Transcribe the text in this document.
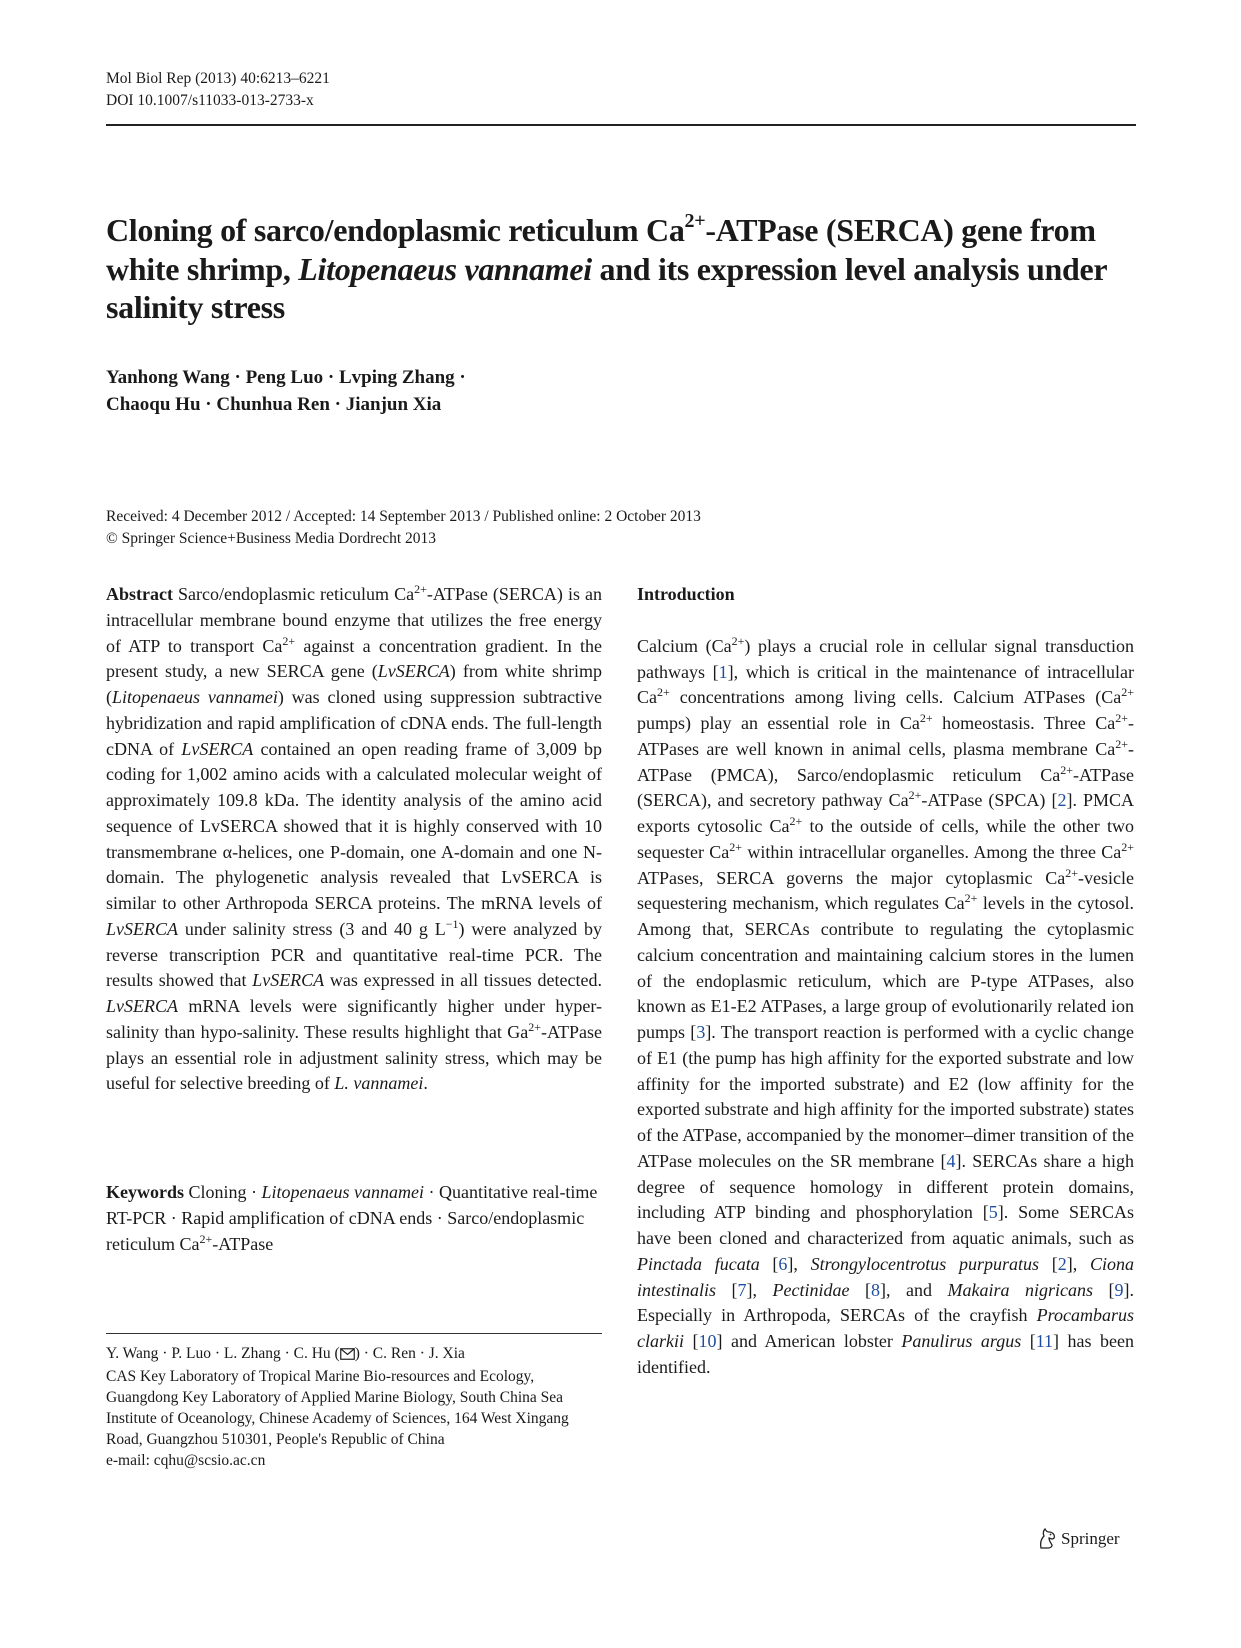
Mol Biol Rep (2013) 40:6213–6221
DOI 10.1007/s11033-013-2733-x
Cloning of sarco/endoplasmic reticulum $Ca^{2+}$-ATPase (SERCA) gene from white shrimp, Litopenaeus vannamei and its expression level analysis under salinity stress
Yanhong Wang · Peng Luo · Lvping Zhang ·
Chaoqu Hu · Chunhua Ren · Jianjun Xia
Received: 4 December 2012 / Accepted: 14 September 2013 / Published online: 2 October 2013
© Springer Science+Business Media Dordrecht 2013

Abstract Sarco/endoplasmic reticulum $Ca^{2+}$-ATPase (SERCA) is an intracellular membrane bound enzyme that utilizes the free energy of ATP to transport $Ca^{2+}$ against a concentration gradient. In the present study, a new SERCA gene (LvSERCA) from white shrimp (Litopenaeus vannamei) was cloned using suppression subtractive hybridization and rapid amplification of cDNA ends. The full-length cDNA of LvSERCA contained an open reading frame of 3,009 bp coding for 1,002 amino acids with a calculated molecular weight of approximately 109.8 kDa. The identity analysis of the amino acid sequence of LvSERCA showed that it is highly conserved with 10 transmembrane α-helices, one P-domain, one A-domain and one N-domain. The phylogenetic analysis revealed that LvSERCA is similar to other Arthropoda SERCA proteins. The mRNA levels of LvSERCA under salinity stress (3 and 40 g $L^{-1}$) were analyzed by reverse transcription PCR and quantitative real-time PCR. The results showed that LvSERCA was expressed in all tissues detected. LvSERCA mRNA levels were significantly higher under hyper-salinity than hypo-salinity. These results highlight that $Ga^{2+}$-ATPase plays an essential role in adjustment salinity stress, which may be useful for selective breeding of L. vannamei.

Keywords Cloning · Litopenaeus vannamei · Quantitative real-time RT-PCR · Rapid amplification of cDNA ends · Sarco/endoplasmic reticulum $Ca^{2+}$-ATPase

Y. Wang · P. Luo · L. Zhang · C. Hu ( ) · C. Ren · J. Xia

CAS Key Laboratory of Tropical Marine Bio-resources and Ecology, Guangdong Key Laboratory of Applied Marine Biology, South China Sea Institute of Oceanology, Chinese Academy of Sciences, 164 West Xingang Road, Guangzhou 510301, People's Republic of China

e-mail: cqhu@scsio.ac.cn

Introduction

Calcium $(Ca^{2+})$ plays a crucial role in cellular signal transduction pathways [1], which is critical in the maintenance of intracellular $Ca^{2+}$ concentrations among living cells. Calcium ATPases ($Ca^{2+}$ pumps) play an essential role in $Ca^{2+}$ homeostasis. Three $Ca^{2+}$-ATPases are well known in animal cells, plasma membrane $Ca^{2+}$-ATPase (PMCA), Sarco/endoplasmic reticulum $Ca^{2+}$-ATPase (SERCA), and secretory pathway $Ca^{2+}$-ATPase (SPCA) [2]. PMCA exports cytosolic $Ca^{2+}$ to the outside of cells, while the other two sequester $Ca^{2+}$ within intracellular organelles. Among the three $Ca^{2+}$ ATPases, SERCA governs the major cytoplasmic $Ca^{2+}$-vesicle sequestering mechanism, which regulates $Ca^{2+}$ levels in the cytosol. Among that, SERCAs contribute to regulating the cytoplasmic calcium concentration and maintaining calcium stores in the lumen of the endoplasmic reticulum, which are P-type ATPases, also known as E1-E2 ATPases, a large group of evolutionarily related ion pumps [3]. The transport reaction is performed with a cyclic change of E1 (the pump has high affinity for the exported substrate and low affinity for the imported substrate) and E2 (low affinity for the exported substrate and high affinity for the imported substrate) states of the ATPase, accompanied by the monomer–dimer transition of the ATPase molecules on the SR membrane [4]. SERCAs share a high degree of sequence homology in different protein domains, including ATP binding and phosphorylation [5]. Some SERCAs have been cloned and characterized from aquatic animals, such as Pinctada fucata [6], Strongylocentrotus purpuratus [2], Ciona intestinalis [7], Pectinidae [8], and Makaira nigricans [9]. Especially in Arthropoda, SERCAs of the crayfish Procambarus clarkii [10] and American lobster Panulirus argus [11] has been identified.

Springer
